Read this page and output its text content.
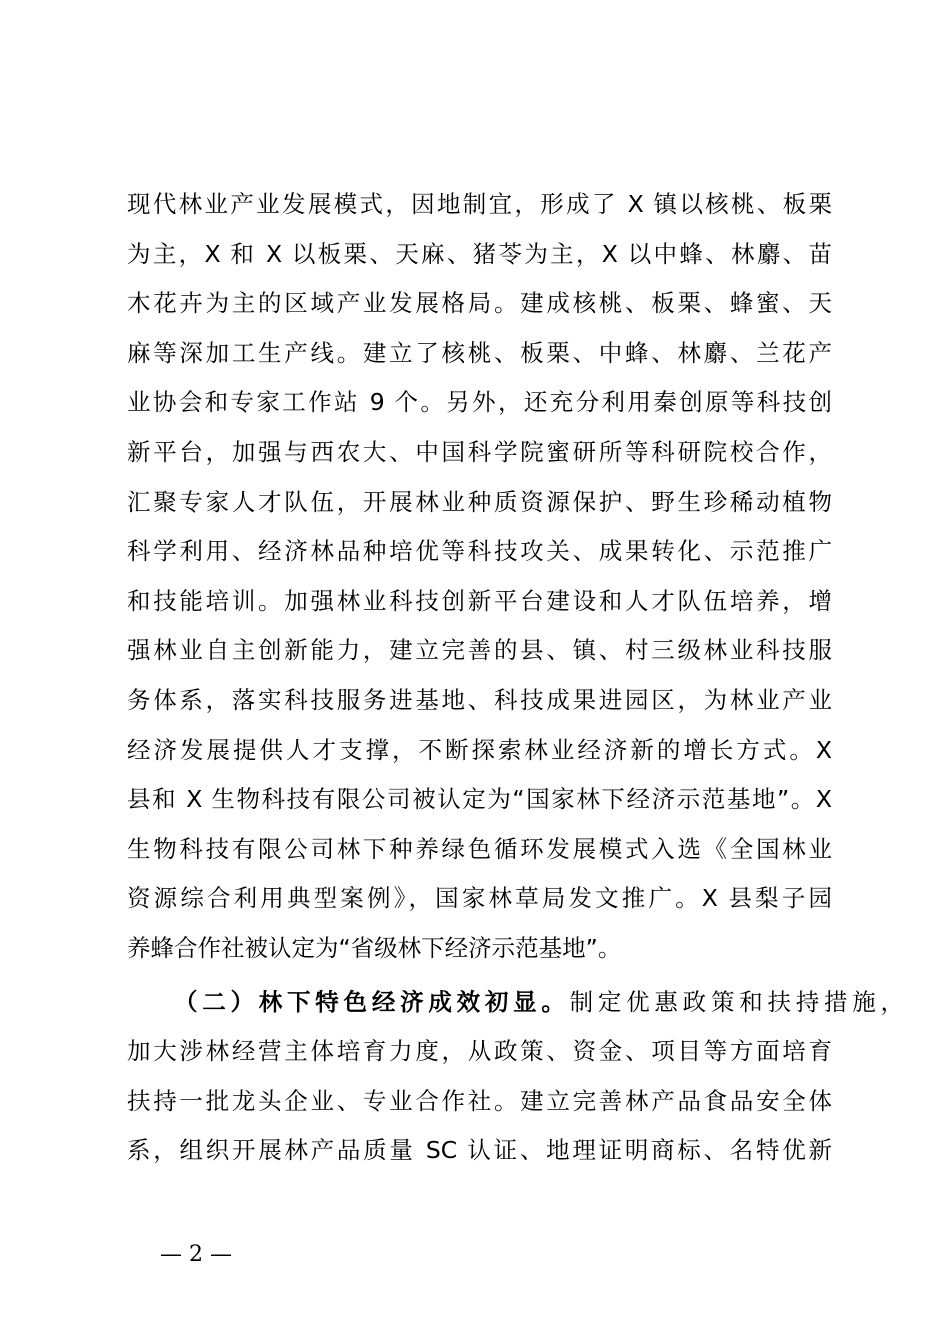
现代林业产业发展模式，因地制宜，形成了 X 镇以核桃、板栗
为主，X 和 X 以板栗、天麻、猪苓为主，X 以中蜂、林麝、苗
木花卉为主的区域产业发展格局。建成核桃、板栗、蜂蜜、天
麻等深加工生产线。建立了核桃、板栗、中蜂、林麝、兰花产
业协会和专家工作站 9 个。另外，还充分利用秦创原等科技创
新平台，加强与西农大、中国科学院蜜研所等科研院校合作，
汇聚专家人才队伍，开展林业种质资源保护、野生珍稀动植物
科学利用、经济林品种培优等科技攻关、成果转化、示范推广
和技能培训。加强林业科技创新平台建设和人才队伍培养，增
强林业自主创新能力，建立完善的县、镇、村三级林业科技服
务体系，落实科技服务进基地、科技成果进园区，为林业产业
经济发展提供人才支撑，不断探索林业经济新的增长方式。X
县和 X 生物科技有限公司被认定为“国家林下经济示范基地”。X
生物科技有限公司林下种养绿色循环发展模式入选《全国林业
资源综合利用典型案例》，国家林草局发文推广。X 县梨子园
养蜂合作社被认定为“省级林下经济示范基地”。
（二）林下特色经济成效初显。制定优惠政策和扶持措施，
加大涉林经营主体培育力度，从政策、资金、项目等方面培育
扶持一批龙头企业、专业合作社。建立完善林产品食品安全体
系，组织开展林产品质量 SC 认证、地理证明商标、名特优新
— 2 —
